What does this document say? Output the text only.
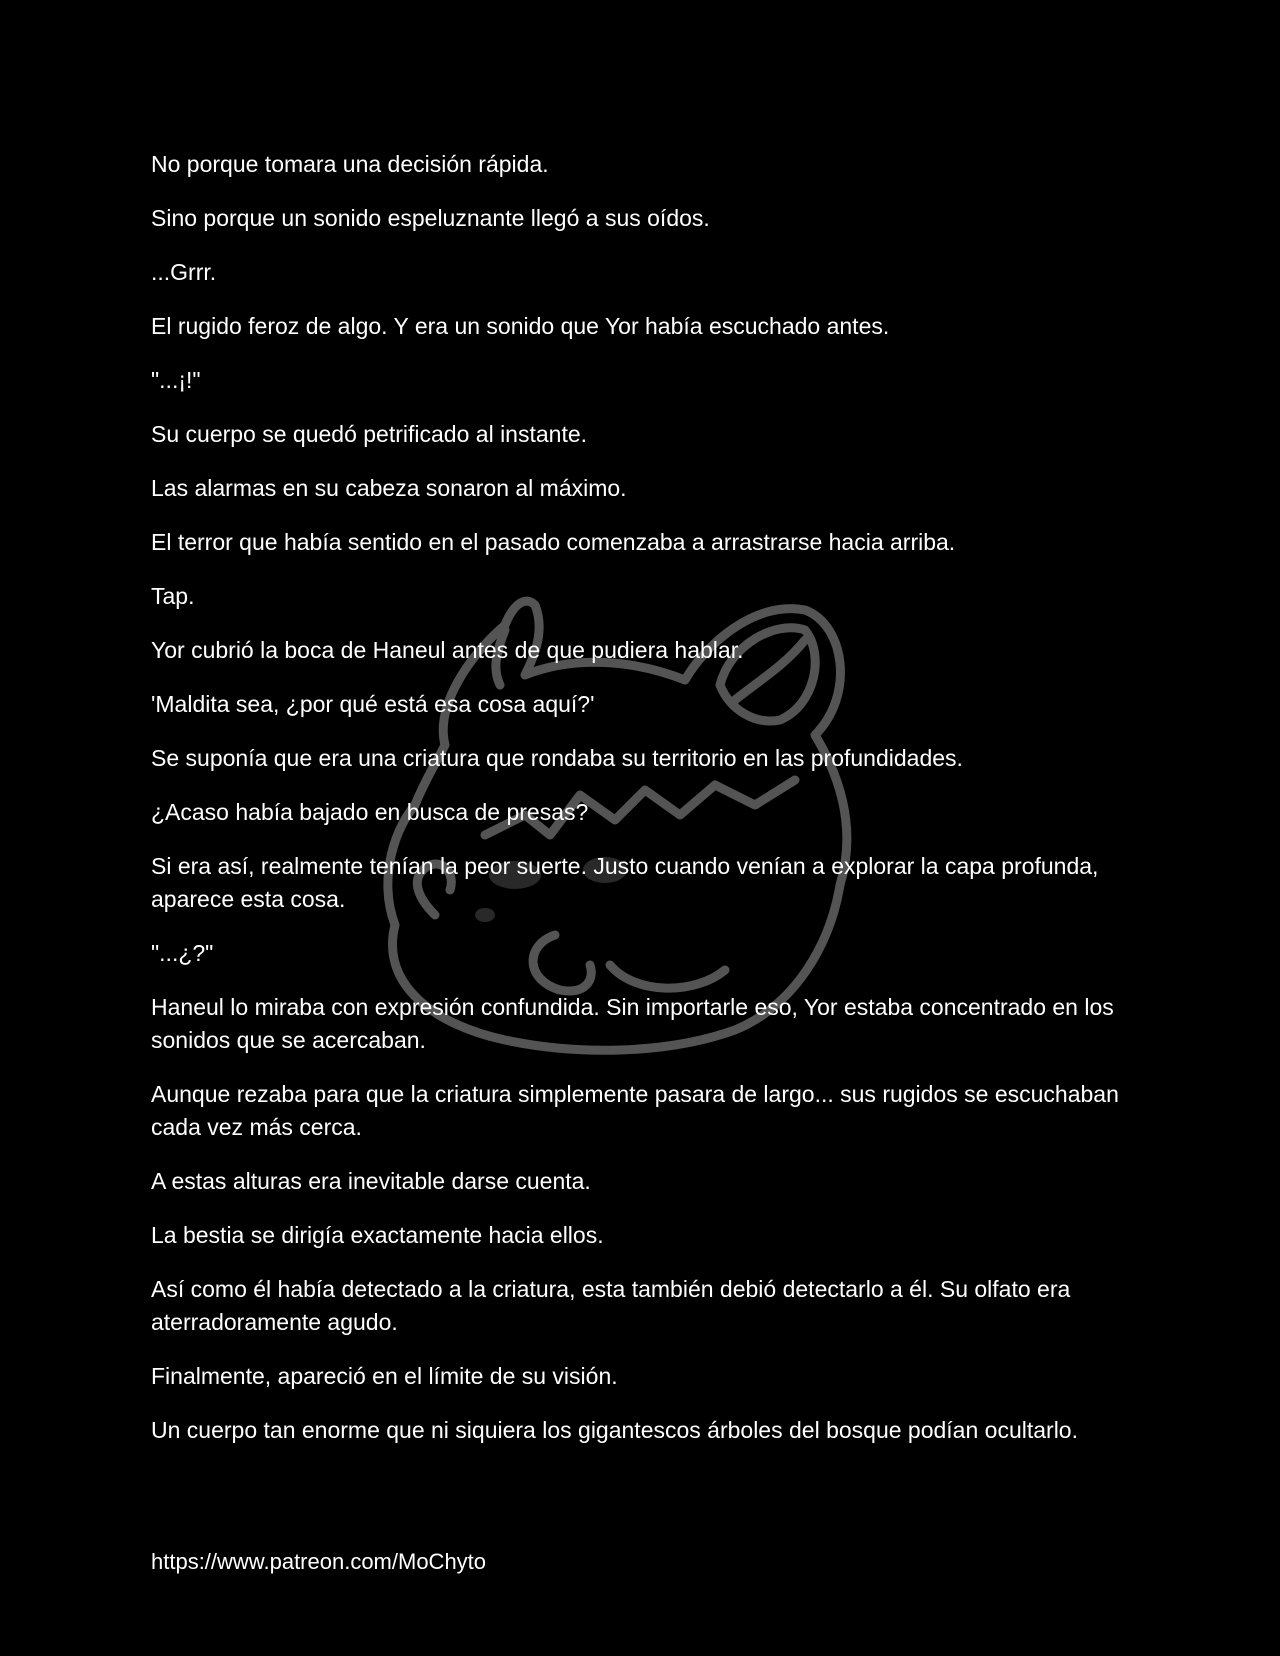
No porque tomara una decisión rápida.

Sino porque un sonido espeluznante llegó a sus oídos.

...Grrr.

El rugido feroz de algo. Y era un sonido que Yor había escuchado antes.

"...¡!"

Su cuerpo se quedó petrificado al instante.

Las alarmas en su cabeza sonaron al máximo.

El terror que había sentido en el pasado comenzaba a arrastrarse hacia arriba.

Tap.

Yor cubrió la boca de Haneul antes de que pudiera hablar.

'Maldita sea, ¿por qué está esa cosa aquí?'

Se suponía que era una criatura que rondaba su territorio en las profundidades.

¿Acaso había bajado en busca de presas?

Si era así, realmente tenían la peor suerte. Justo cuando venían a explorar la capa profunda, aparece esta cosa.

"...¿?"

Haneul lo miraba con expresión confundida. Sin importarle eso, Yor estaba concentrado en los sonidos que se acercaban.

Aunque rezaba para que la criatura simplemente pasara de largo... sus rugidos se escuchaban cada vez más cerca.

A estas alturas era inevitable darse cuenta.

La bestia se dirigía exactamente hacia ellos.

Así como él había detectado a la criatura, esta también debió detectarlo a él. Su olfato era aterradoramente agudo.

Finalmente, apareció en el límite de su visión.

Un cuerpo tan enorme que ni siquiera los gigantescos árboles del bosque podían ocultarlo.

https://www.patreon.com/MoChyto
